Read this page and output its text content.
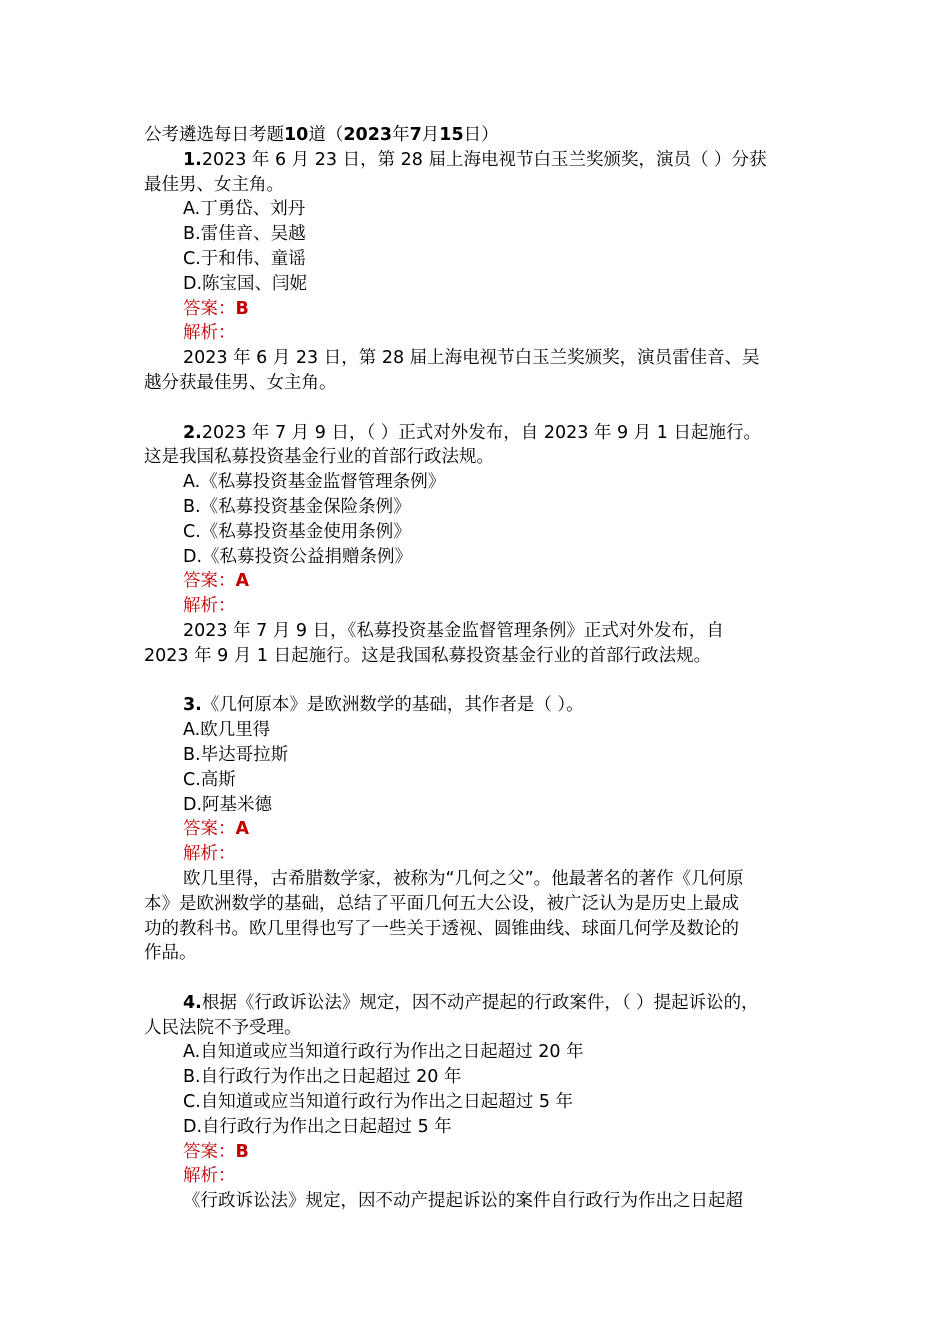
公考遴选每日考题10道（2023年7月15日）
1.2023 年 6 月 23 日，第 28 届上海电视节白玉兰奖颁奖，演员（ ）分获
最佳男、女主角。
A.丁勇岱、刘丹
B.雷佳音、吴越
C.于和伟、童谣
D.陈宝国、闫妮
答案：B
解析：
2023 年 6 月 23 日，第 28 届上海电视节白玉兰奖颁奖，演员雷佳音、吴
越分获最佳男、女主角。
2.2023 年 7 月 9 日，（ ）正式对外发布，自 2023 年 9 月 1 日起施行。
这是我国私募投资基金行业的首部行政法规。
A.《私募投资基金监督管理条例》
B.《私募投资基金保险条例》
C.《私募投资基金使用条例》
D.《私募投资公益捐赠条例》
答案：A
解析：
2023 年 7 月 9 日，《私募投资基金监督管理条例》正式对外发布，自
2023 年 9 月 1 日起施行。这是我国私募投资基金行业的首部行政法规。
3.《几何原本》是欧洲数学的基础，其作者是（ ）。
A.欧几里得
B.毕达哥拉斯
C.高斯
D.阿基米德
答案：A
解析：
欧几里得，古希腊数学家，被称为“几何之父”。他最著名的著作《几何原
本》是欧洲数学的基础，总结了平面几何五大公设，被广泛认为是历史上最成
功的教科书。欧几里得也写了一些关于透视、圆锥曲线、球面几何学及数论的
作品。
4.根据《行政诉讼法》规定，因不动产提起的行政案件，（ ）提起诉讼的，
人民法院不予受理。
A.自知道或应当知道行政行为作出之日起超过 20 年
B.自行政行为作出之日起超过 20 年
C.自知道或应当知道行政行为作出之日起超过 5 年
D.自行政行为作出之日起超过 5 年
答案：B
解析：
《行政诉讼法》规定，因不动产提起诉讼的案件自行政行为作出之日起超
